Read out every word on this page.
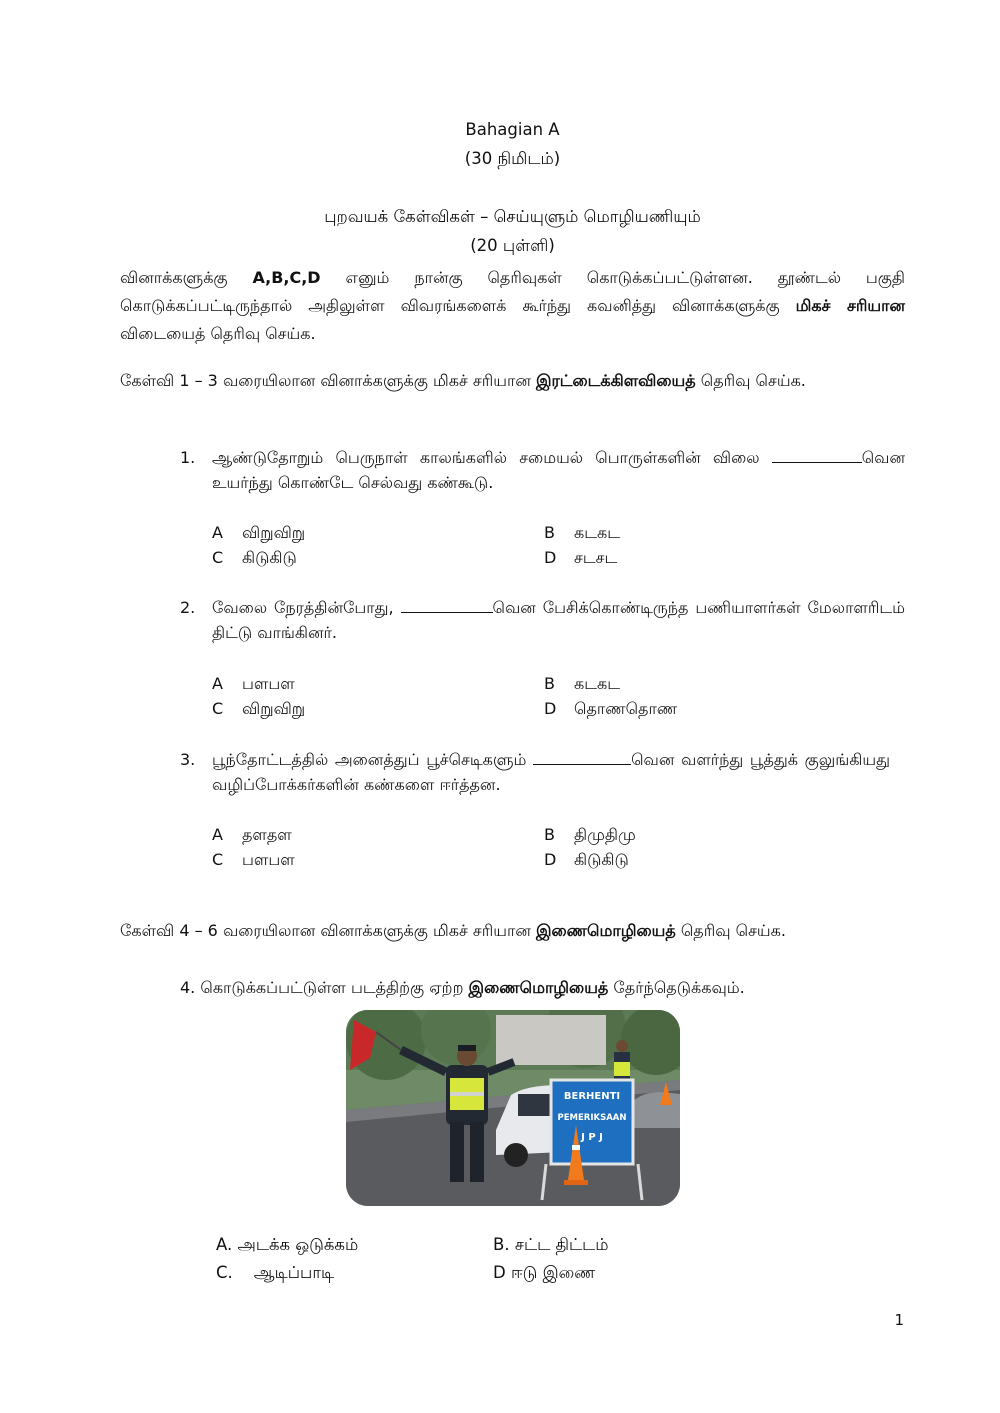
Bahagian A
(30 நிமிடம்)
புறவயக் கேள்விகள் – செய்யுளும் மொழியணியும்
(20 புள்ளி)
வினாக்களுக்கு A,B,C,D எனும் நான்கு தெரிவுகள் கொடுக்கப்பட்டுள்ளன. தூண்டல் பகுதி கொடுக்கப்பட்டிருந்தால் அதிலுள்ள விவரங்களைக் கூர்ந்து கவனித்து வினாக்களுக்கு மிகச் சரியான விடையைத் தெரிவு செய்க.
கேள்வி 1 – 3 வரையிலான வினாக்களுக்கு மிகச் சரியான இரட்டைக்கிளவியைத் தெரிவு செய்க.
1. ஆண்டுதோறும் பெருநாள் காலங்களில் சமையல் பொருள்களின் விலை	வென உயர்ந்து கொண்டே செல்வது கண்கூடு.
A விறுவிறு	B கடகட
C கிடுகிடு	D சடசட
2. வேலை நேரத்தின்போது,	வென பேசிக்கொண்டிருந்த பணியாளர்கள் மேலாளரிடம் திட்டு வாங்கினர்.
A பளபள	B கடகட
C விறுவிறு	D தொணதொண
3. பூந்தோட்டத்தில் அனைத்துப் பூச்செடிகளும்	வென வளர்ந்து பூத்துக் குலுங்கியது வழிப்போக்கர்களின் கண்களை ஈர்த்தன.
A தளதள	B திமுதிமு
C பளபள	D கிடுகிடு
கேள்வி 4 – 6 வரையிலான வினாக்களுக்கு மிகச் சரியான இணைமொழியைத் தெரிவு செய்க.
4. கொடுக்கப்பட்டுள்ள படத்திற்கு ஏற்ற இணைமொழியைத் தேர்ந்தெடுக்கவும்.
BERHENTI
PEMERIKSAAN
J P J
A. அடக்க ஒடுக்கம்	B. சட்ட திட்டம்
C. ஆடிப்பாடி	D ஈடு இணை
1
